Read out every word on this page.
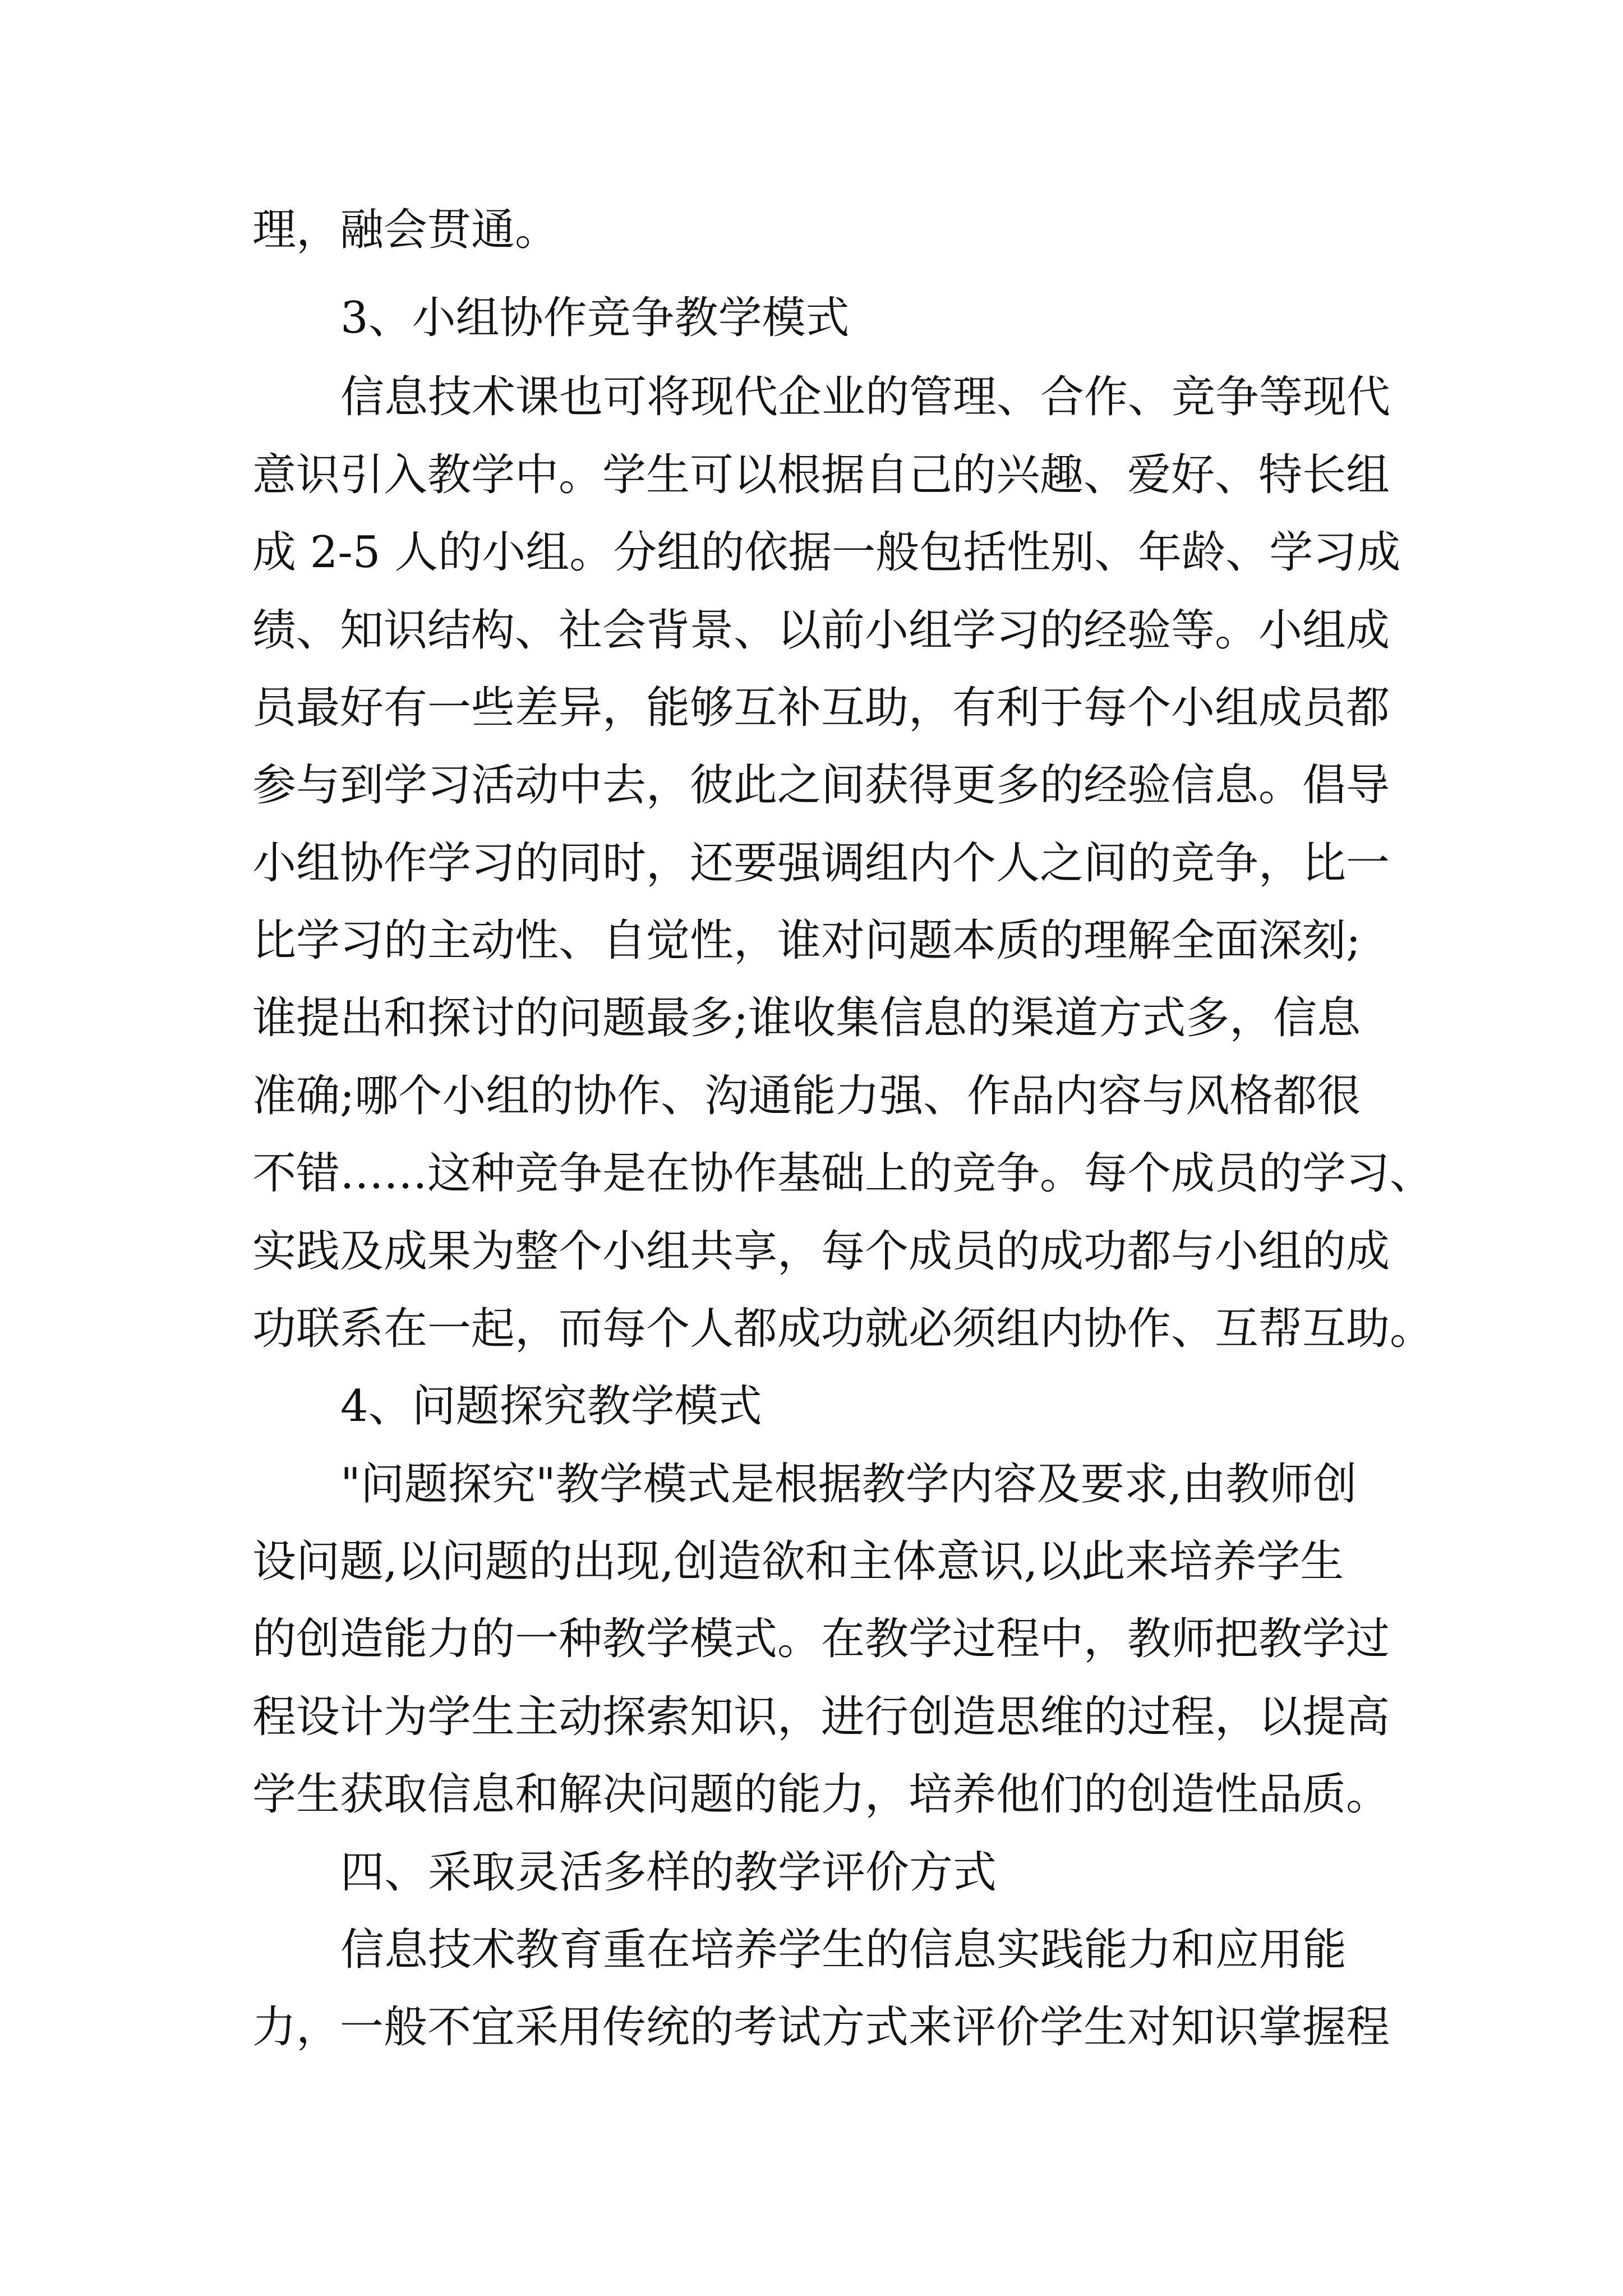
理，融会贯通。
3、小组协作竞争教学模式
信息技术课也可将现代企业的管理、合作、竞争等现代
意识引入教学中。学生可以根据自己的兴趣、爱好、特长组
成 2-5 人的小组。分组的依据一般包括性别、年龄、学习成
绩、知识结构、社会背景、以前小组学习的经验等。小组成
员最好有一些差异，能够互补互助，有利于每个小组成员都
参与到学习活动中去，彼此之间获得更多的经验信息。倡导
小组协作学习的同时，还要强调组内个人之间的竞争，比一
比学习的主动性、自觉性，谁对问题本质的理解全面深刻;
谁提出和探讨的问题最多;谁收集信息的渠道方式多，信息
准确;哪个小组的协作、沟通能力强、作品内容与风格都很
不错……这种竞争是在协作基础上的竞争。每个成员的学习、
实践及成果为整个小组共享，每个成员的成功都与小组的成
功联系在一起，而每个人都成功就必须组内协作、互帮互助。
4、问题探究教学模式
"问题探究"教学模式是根据教学内容及要求,由教师创
设问题,以问题的出现,创造欲和主体意识,以此来培养学生
的创造能力的一种教学模式。在教学过程中，教师把教学过
程设计为学生主动探索知识，进行创造思维的过程，以提高
学生获取信息和解决问题的能力，培养他们的创造性品质。
四、采取灵活多样的教学评价方式
信息技术教育重在培养学生的信息实践能力和应用能
力，一般不宜采用传统的考试方式来评价学生对知识掌握程
